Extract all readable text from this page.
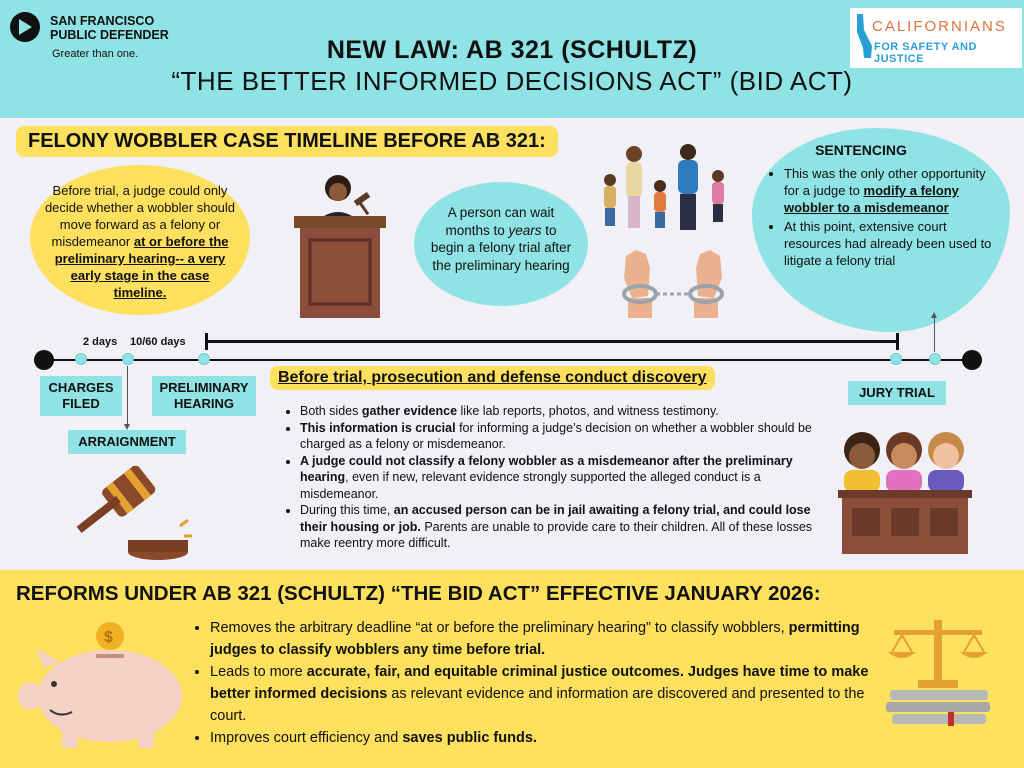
SAN FRANCISCO
PUBLIC DEFENDER
Greater than one.
CALIFORNIANS
FOR SAFETY AND JUSTICE
NEW LAW: AB 321 (SCHULTZ)
“THE BETTER INFORMED DECISIONS ACT” (BID ACT)
FELONY WOBBLER CASE TIMELINE BEFORE AB 321:
Before trial, a judge could only decide whether a wobbler should move forward as a felony or misdemeanor at or before the preliminary hearing-- a very early stage in the case timeline.
A person can wait months to years to begin a felony trial after the preliminary hearing
SENTENCING
• This was the only other opportunity for a judge to modify a felony wobbler to a misdemeanor
• At this point, extensive court resources had already been used to litigate a felony trial
2 days 10/60 days
CHARGES FILED
PRELIMINARY HEARING
ARRAIGNMENT
JURY TRIAL
Before trial, prosecution and defense conduct discovery
• Both sides gather evidence like lab reports, photos, and witness testimony.
• This information is crucial for informing a judge’s decision on whether a wobbler should be charged as a felony or misdemeanor.
• A judge could not classify a felony wobbler as a misdemeanor after the preliminary hearing, even if new, relevant evidence strongly supported the alleged conduct is a misdemeanor.
• During this time, an accused person can be in jail awaiting a felony trial, and could lose their housing or job. Parents are unable to provide care to their children. All of these losses make reentry more difficult.
REFORMS UNDER AB 321 (SCHULTZ) “THE BID ACT” EFFECTIVE JANUARY 2026:
$
• Removes the arbitrary deadline “at or before the preliminary hearing” to classify wobblers, permitting judges to classify wobblers any time before trial.
• Leads to more accurate, fair, and equitable criminal justice outcomes. Judges have time to make better informed decisions as relevant evidence and information are discovered and presented to the court.
• Improves court efficiency and saves public funds.
